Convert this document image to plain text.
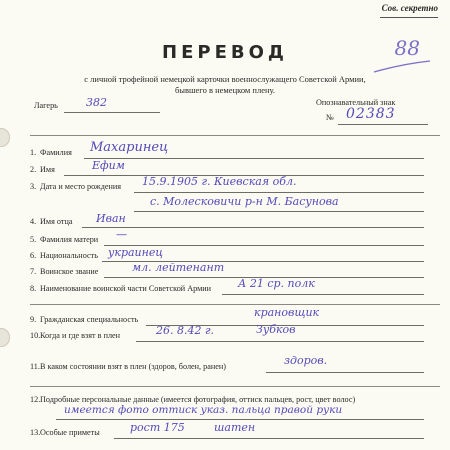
Сов. секретно
88
ПЕРЕВОД
с личной трофейной немецкой карточки военнослужащего Советской Армии,
бывшего в немецком плену.
Лагерь	382	Опознавательный знак
№ 02383
1. Фамилия Махаринец
2. Имя	Ефим
3. Дата и место рождения 15.9.1905 г. Киевская обл.
с. Молесковичи р-н М. Басунова
4. Имя отца Иван
5. Фамилия матери —
6. Национальность украинец
7. Воинское звание	мл. лейтенант
8. Наименование воинской части Советской Армии А 21 ср. полк
9. Гражданская специальность
крановщик
10.Когда и где взят в плен	26. 8.42 г.	Зубков
11.В каком состоянии взят в плен (здоров, болен, ранен)	здоров.
12.Подробные персональные данные (имеется фотография, оттиск пальцев, рост, цвет волос)
имеется фото оттиск указ. пальца правой руки
13.Особые приметы	рост 175	шатен
